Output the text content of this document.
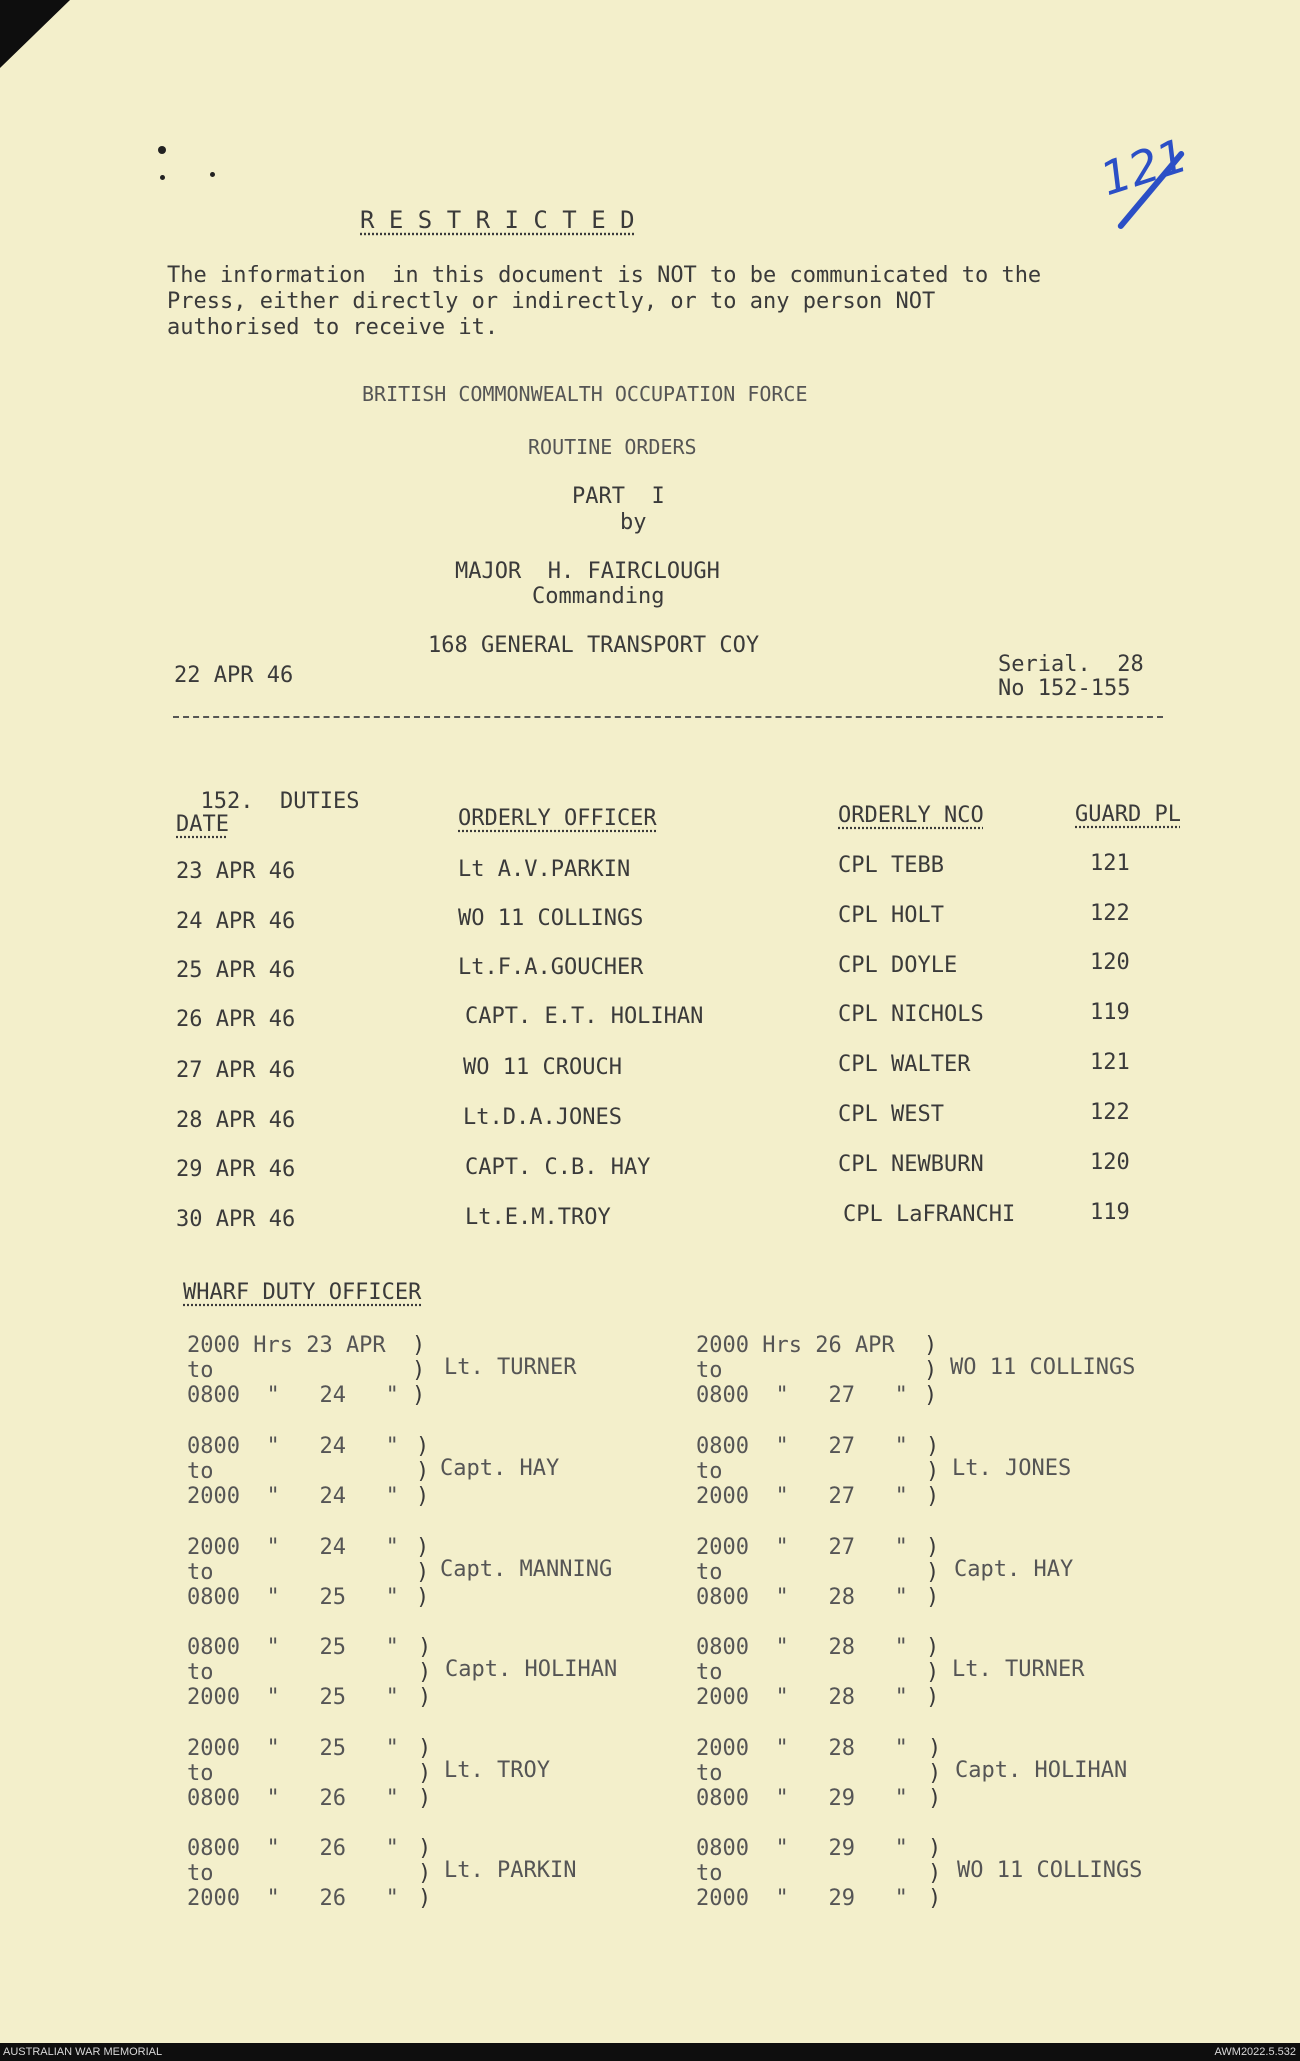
121
R E S T R I C T E D
The information  in this document is NOT to be communicated to the
Press, either directly or indirectly, or to any person NOT
authorised to receive it.
BRITISH COMMONWEALTH OCCUPATION FORCE
ROUTINE ORDERS
PART  I
by
MAJOR  H. FAIRCLOUGH
Commanding
168 GENERAL TRANSPORT COY
22 APR 46	Serial.  28
No 152-155

152.  DUTIES

DATE	ORDERLY OFFICER	ORDERLY NCO	GUARD PL
23 APR 46	Lt A.V.PARKIN	CPL TEBB	121
24 APR 46	WO 11 COLLINGS	CPL HOLT	122
25 APR 46	Lt.F.A.GOUCHER	CPL DOYLE	120
26 APR 46	CAPT. E.T. HOLIHAN	CPL NICHOLS	119
27 APR 46	WO 11 CROUCH	CPL WALTER	121
28 APR 46	Lt.D.A.JONES	CPL WEST	122
29 APR 46	CAPT. C.B. HAY	CPL NEWBURN	120
30 APR 46	Lt.E.M.TROY	CPL LaFRANCHI	119
WHARF DUTY OFFICER
2000 Hrs 23 APR
to
0800  "   24   "
Lt. TURNER
0800  "   24   "
to
2000  "   24   "
Capt. HAY
2000  "   24   "
to
0800  "   25   "
Capt. MANNING
0800  "   25   "
to
2000  "   25   "
Capt. HOLIHAN
2000  "   25   "
to
0800  "   26   "
Lt. TROY
0800  "   26   "
to
2000  "   26   "
Lt. PARKIN
2000 Hrs 26 APR
to
0800  "   27   "
WO 11 COLLINGS
0800  "   27   "
to
2000  "   27   "
Lt. JONES
2000  "   27   "
to
0800  "   28   "
Capt. HAY
0800  "   28   "
to
2000  "   28   "
Lt. TURNER
2000  "   28   "
to
0800  "   29   "
Capt. HOLIHAN
0800  "   29   "
to
2000  "   29   "
WO 11 COLLINGS
)
)
)
)
)
)
)
)
)
)
)
)
)
)
)
)
)
)
)
)
)
)
)
)
)
)
)
)
)
)
)
)
)
)
)
)
AUSTRALIAN WAR MEMORIAL	AWM2022.5.532
